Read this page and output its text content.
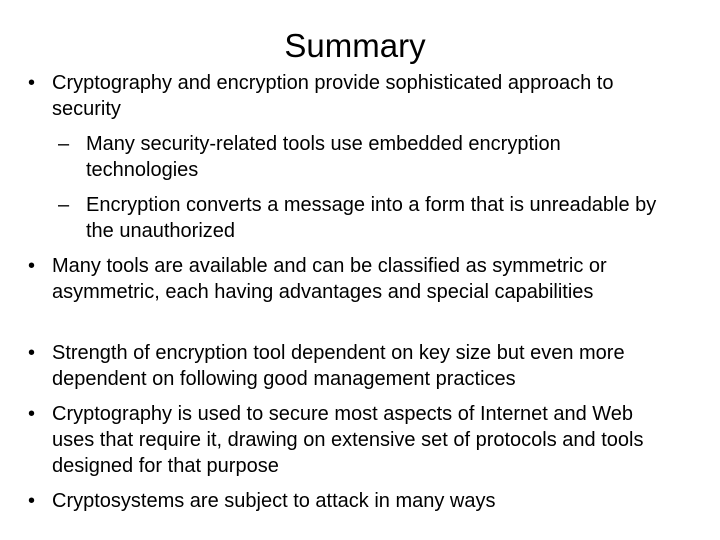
Summary
• Cryptography and encryption provide sophisticated approach to security
– Many security-related tools use embedded encryption technologies
– Encryption converts a message into a form that is unreadable by the unauthorized
• Many tools are available and can be classified as symmetric or asymmetric, each having advantages and special capabilities
• Strength of encryption tool dependent on key size but even more dependent on following good management practices
• Cryptography is used to secure most aspects of Internet and Web uses that require it, drawing on extensive set of protocols and tools designed for that purpose
• Cryptosystems are subject to attack in many ways
